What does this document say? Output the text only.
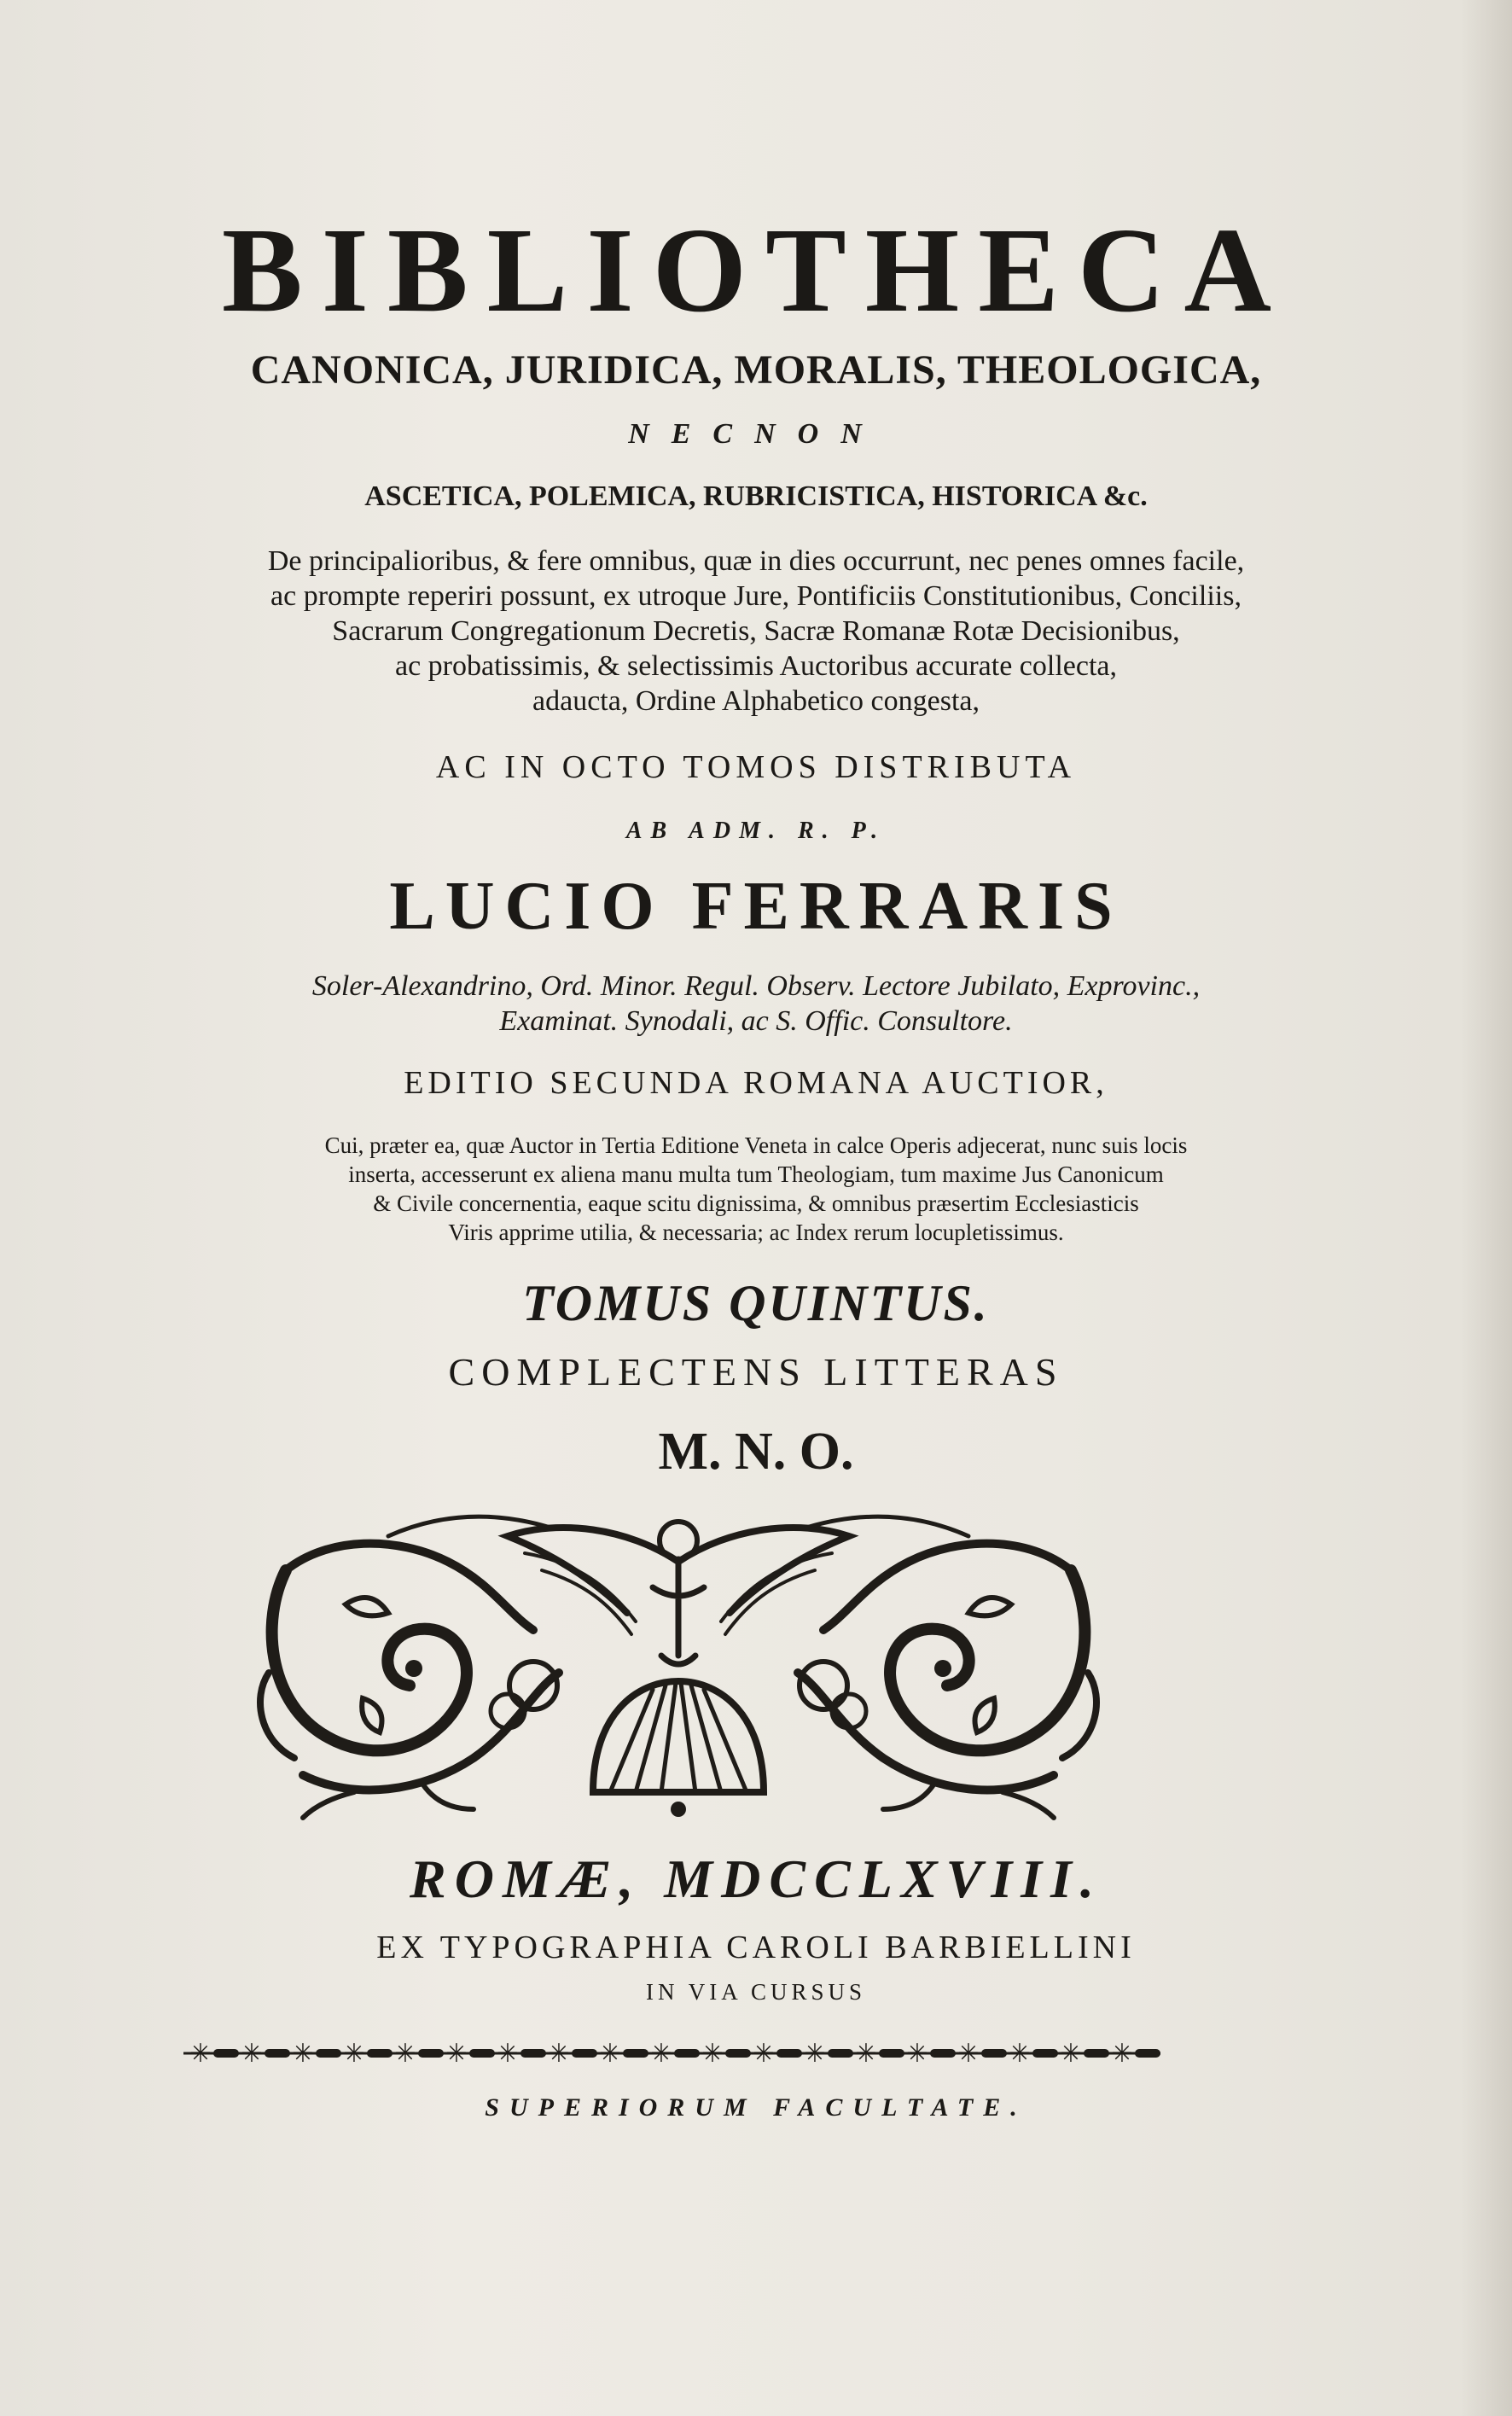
BIBLIOTHECA
CANONICA, JURIDICA, MORALIS, THEOLOGICA,
NECNON
ASCETICA, POLEMICA, RUBRICISTICA, HISTORICA &c.
De principalioribus, & fere omnibus, quæ in dies occurrunt, nec penes omnes facile,
ac prompte reperiri possunt, ex utroque Jure, Pontificiis Constitutionibus, Conciliis,
Sacrarum Congregationum Decretis, Sacræ Romanæ Rotæ Decisionibus,
ac probatissimis, & selectissimis Auctoribus accurate collecta,
adaucta, Ordine Alphabetico congesta,
AC IN OCTO TOMOS DISTRIBUTA
AB ADM. R. P.
LUCIO FERRARIS
Soler-Alexandrino, Ord. Minor. Regul. Observ. Lectore Jubilato, Exprovinc.,
Examinat. Synodali, ac S. Offic. Consultore.
EDITIO SECUNDA ROMANA AUCTIOR,
Cui, præter ea, quæ Auctor in Tertia Editione Veneta in calce Operis adjecerat, nunc suis locis
inserta, accesserunt ex aliena manu multa tum Theologiam, tum maxime Jus Canonicum
& Civile concernentia, eaque scitu dignissima, & omnibus præsertim Ecclesiasticis
Viris apprime utilia, & necessaria; ac Index rerum locupletissimus.
TOMUS QUINTUS.
COMPLECTENS LITTERAS
M. N. O.
ROMÆ, MDCCLXVIII.
EX TYPOGRAPHIA CAROLI BARBIELLINI
IN VIA CURSUS
✳ ✳ ✳ ✳ ✳ ✳ ✳ ✳ ✳ ✳ ✳ ✳ ✳ ✳ ✳ ✳ ✳ ✳ ✳
SUPERIORUM FACULTATE.
